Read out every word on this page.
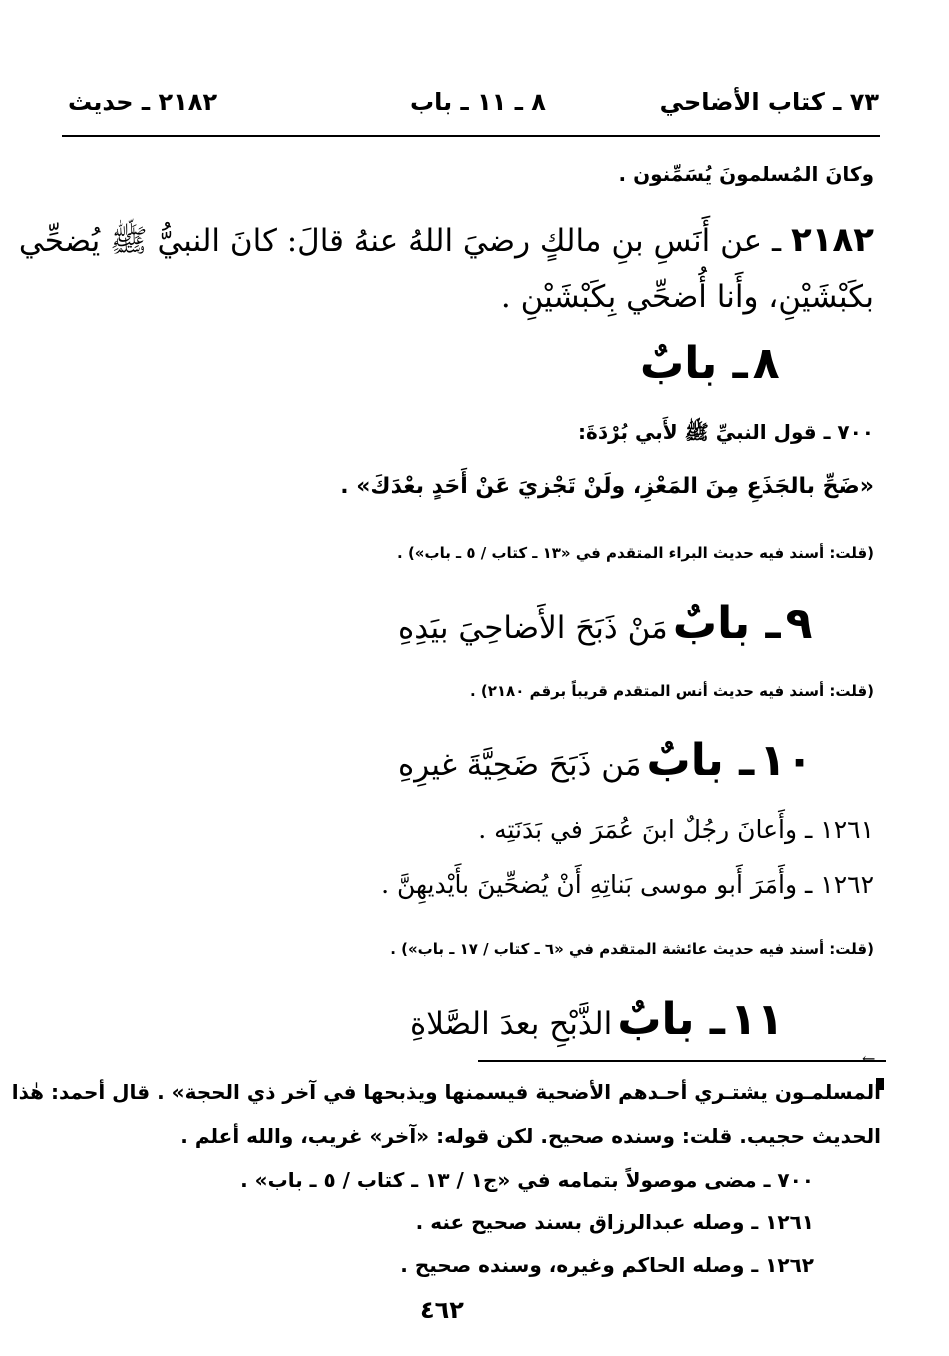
٧٣ ـ كتاب الأضاحي
٨ ـ ١١ ـ باب
٢١٨٢ ـ حديث
وكانَ المُسلمونَ يُسَمِّنون .
٢١٨٢ ـ عن أَنَسِ بنِ مالكٍ رضيَ اللهُ عنهُ قالَ: كانَ النبيُّ ﷺ يُضحِّي
بكَبْشَيْنِ، وأَنا أُضحِّي بِكَبْشَيْنِ .
٨ ـ بابٌ
٧٠٠ ـ قول النبيِّ ﷺ لأَبي بُرْدَةَ:
«ضَحِّ بالجَذَعِ مِنَ المَعْزِ، ولَنْ تَجْزيَ عَنْ أَحَدٍ بعْدَكَ» .
(قلت: أسند فيه حديث البراء المتقدم في «١٣ ـ كتاب / ٥ ـ باب») .
٩ ـ بابٌ مَنْ ذَبَحَ الأَضاحِيَ بيَدِهِ
(قلت: أسند فيه حديث أنس المتقدم قريباً برقم ٢١٨٠) .
١٠ ـ بابٌ مَن ذَبَحَ ضَحِيَّةَ غيرِهِ
١٢٦١ ـ وأَعانَ رجُلٌ ابنَ عُمَرَ في بَدَنَتِه .
١٢٦٢ ـ وأَمَرَ أَبو موسى بَناتِهِ أَنْ يُضحِّينَ بأَيْديهِنَّ .
(قلت: أسند فيه حديث عائشة المتقدم في «٦ ـ كتاب / ١٧ ـ باب») .
١١ ـ بابٌ الذَّبْحِ بعدَ الصَّلاةِ
←
المسلمـون يشتـري أحـدهم الأضحية فيسمنها ويذبحها في آخر ذي الحجة» . قال أحمد: هٰذا
الحديث حجيب. قلت: وسنده صحيح. لكن قوله: «آخر» غريب، والله أعلم .
٧٠٠ ـ مضى موصولاً بتمامه في «ج١ / ١٣ ـ كتاب / ٥ ـ باب» .
١٢٦١ ـ وصله عبدالرزاق بسند صحيح عنه .
١٢٦٢ ـ وصله الحاكم وغيره، وسنده صحيح .
٤٦٢
